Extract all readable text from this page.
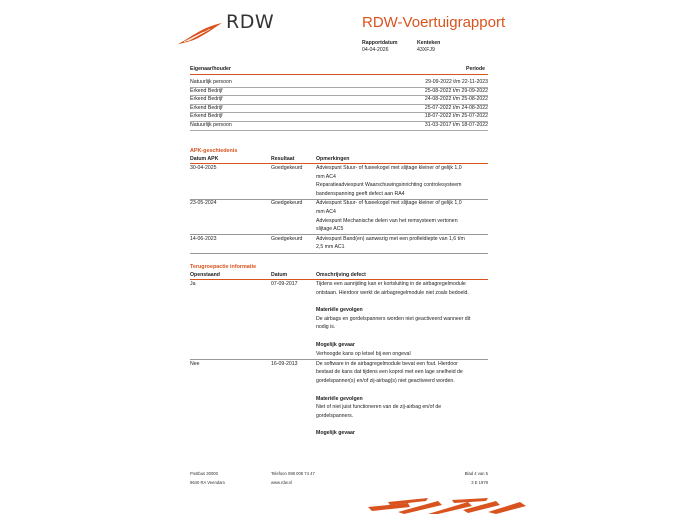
RDW	RDW-Voertuigrapport
Rapportdatum
04-04-2026
Kenteken
43XFJ9
Eigenaar/houder	Periode
Natuurlijk persoon	29-09-2022 t/m 22-11-2023
Erkend Bedrijf	25-08-2022 t/m 29-09-2022
Erkend Bedrijf	24-08-2022 t/m 25-08-2022
Erkend Bedrijf	25-07-2022 t/m 24-08-2022
Erkend Bedrijf	18-07-2022 t/m 25-07-2022
Natuurlijk persoon	31-03-2017 t/m 18-07-2022
APK-geschiedenis
Datum APK	Resultaat	Opmerkingen
30-04-2025	Goedgekeurd	Adviespunt Stuur- of fuseekogel met slijtage kleiner of gelijk 1,0
mm AC4
Reparatieadviespunt Waarschuwingsinrichting controlesysteem
bandenspanning geeft defect aan RA4
23-05-2024	Goedgekeurd	Adviespunt Stuur- of fuseekogel met slijtage kleiner of gelijk 1,0
mm AC4
Adviespunt Mechanische delen van het remsysteem vertonen
slijtage AC5
14-06-2023	Goedgekeurd	Adviespunt Band(en) aanwezig met een profieldiepte van 1,6 t/m
2,5 mm AC1
Terugroepactie informatie
Openstaand	Datum	Omschrijving defect
Ja	07-09-2017	Tijdens een aanrijding kan er kortsluiting in de airbagregelmodule
ontstaan. Hierdoor werkt de airbagregelmodule niet zoals bedoeld.
Materiële gevolgen
De airbags en gordelspanners worden niet geactiveerd wanneer dit
nodig is.
Mogelijk gevaar
Verhoogde kans op letsel bij een ongeval
Nee	16-09-2013	De software in de airbagregelmodule bevat een fout. Hierdoor
bestaat de kans dat tijdens een koprol met een lage snelheid de
gordelspanner(s) en/of zij-airbag(s) niet geactiveerd worden.
Materiële gevolgen
Niet of niet juist functioneren van de zij-airbag en/of de
gordelspanners.
Mogelijk gevaar
Postbus 30000
9640 RA Veendam
Telefoon 088 008 74 47
www.rdw.nl
Blad 4 van 5
3 E 1978
